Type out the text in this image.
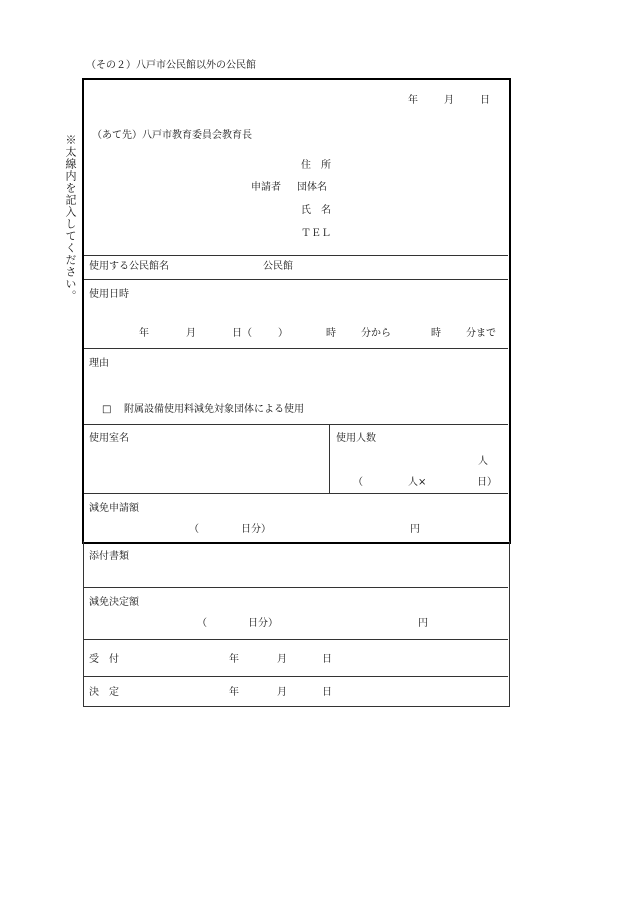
（その２）八戸市公民館以外の公民館
※太線内を記入してください。
年	月	日
（あて先）八戸市教育委員会教育長
住　所
申請者 団体名
氏　名
ＴＥＬ
使用する公民館名	公民館
使用日時
年	月	日（	）	時	分から	時	分まで
理由
□ 附属設備使用料減免対象団体による使用
使用室名	使用人数
人
（	人×	日）
減免申請額
（	日分）	円
添付書類
減免決定額
（	日分）	円
受　付	年	月	日
決　定	年	月	日
